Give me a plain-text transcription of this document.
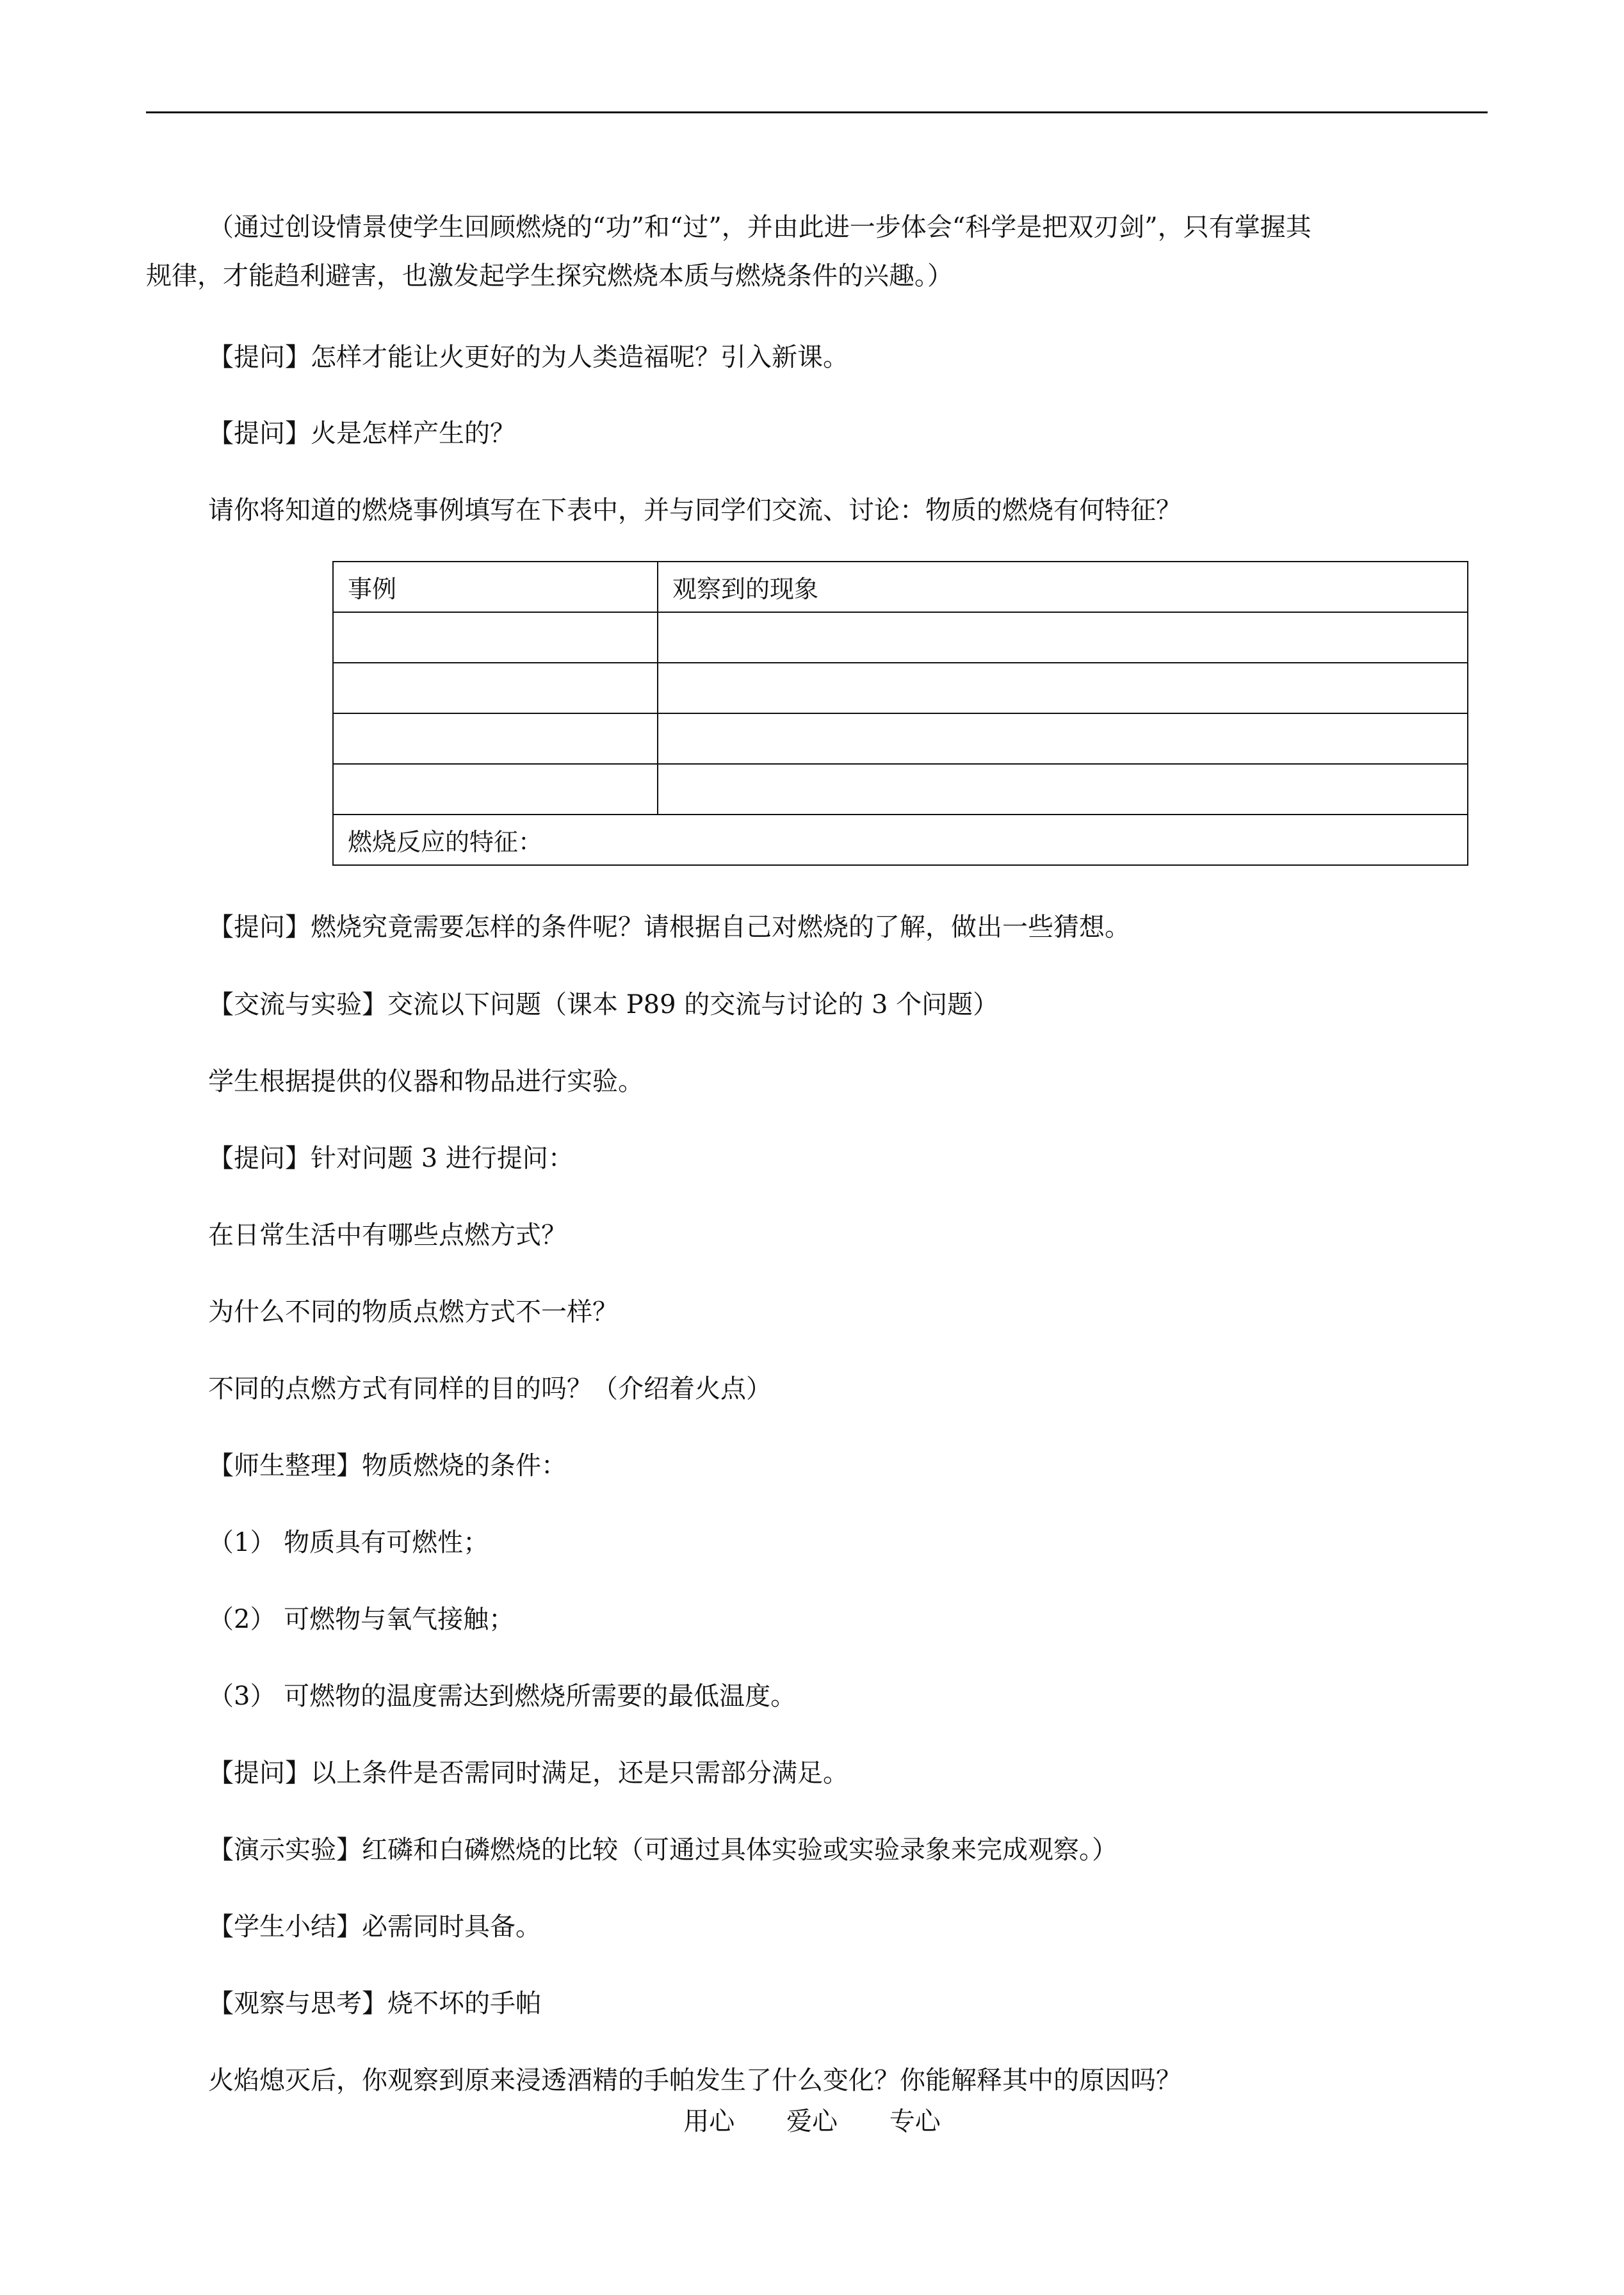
（通过创设情景使学生回顾燃烧的“功”和“过”，并由此进一步体会“科学是把双刃剑”，只有掌握其
规律，才能趋利避害，也激发起学生探究燃烧本质与燃烧条件的兴趣。）
【提问】怎样才能让火更好的为人类造福呢？引入新课。
【提问】火是怎样产生的？
请你将知道的燃烧事例填写在下表中，并与同学们交流、讨论：物质的燃烧有何特征？
事例	观察到的现象

燃烧反应的特征：	
【提问】燃烧究竟需要怎样的条件呢？请根据自己对燃烧的了解，做出一些猜想。
【交流与实验】交流以下问题（课本 P89 的交流与讨论的 3 个问题）
学生根据提供的仪器和物品进行实验。
【提问】针对问题 3 进行提问：
在日常生活中有哪些点燃方式？
为什么不同的物质点燃方式不一样？
不同的点燃方式有同样的目的吗？（介绍着火点）
【师生整理】物质燃烧的条件：
（1） 物质具有可燃性；
（2） 可燃物与氧气接触；
（3） 可燃物的温度需达到燃烧所需要的最低温度。
【提问】以上条件是否需同时满足，还是只需部分满足。
【演示实验】红磷和白磷燃烧的比较（可通过具体实验或实验录象来完成观察。）
【学生小结】必需同时具备。
【观察与思考】烧不坏的手帕
火焰熄灭后，你观察到原来浸透酒精的手帕发生了什么变化？你能解释其中的原因吗？
用心 爱心 专心
